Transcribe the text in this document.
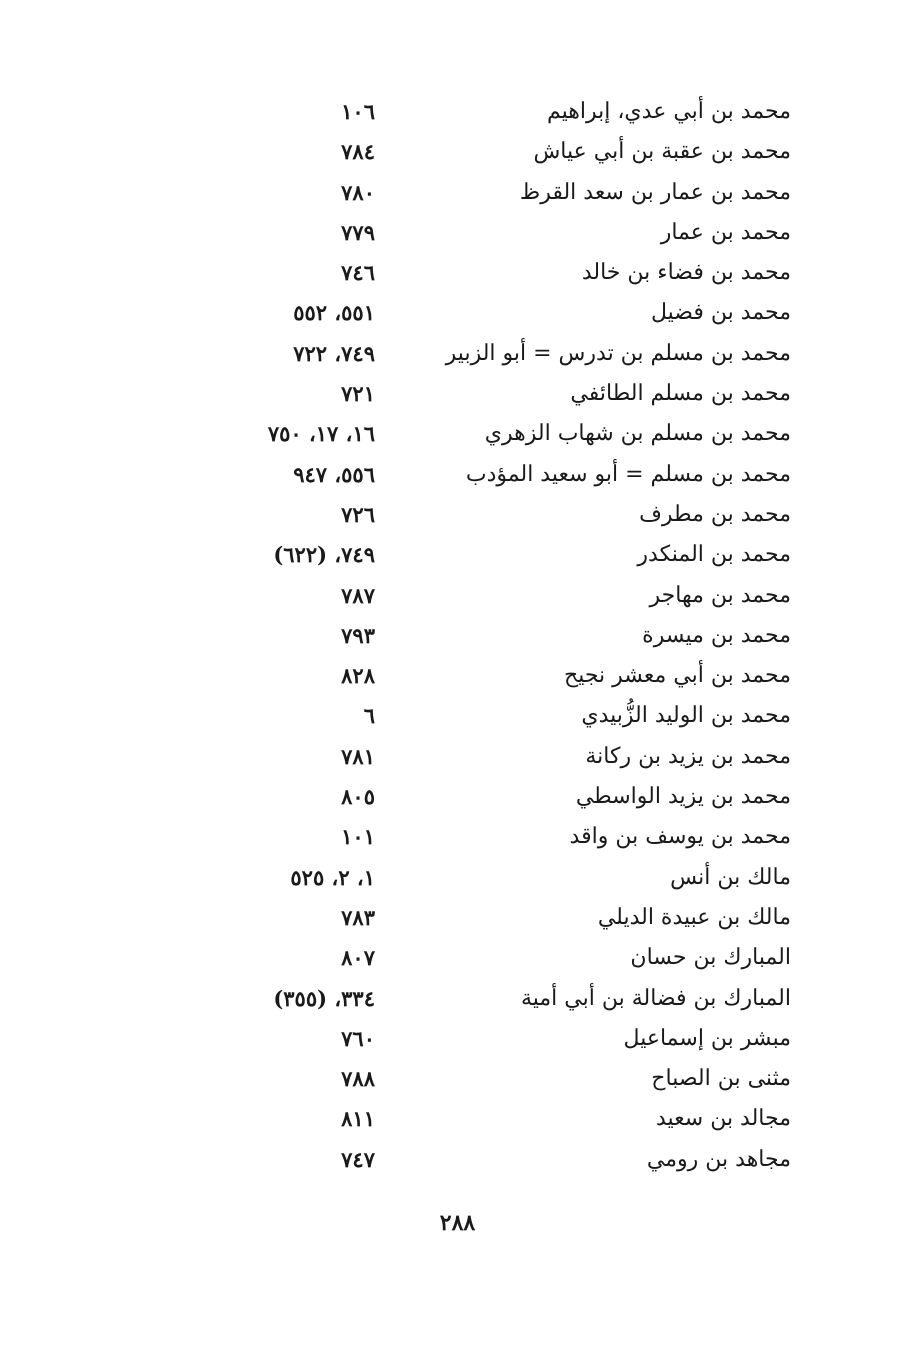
محمد بن أبي عدي، إبراهيم
١٠٦
محمد بن عقبة بن أبي عياش
٧٨٤
محمد بن عمار بن سعد القرظ
٧٨٠
محمد بن عمار
٧٧٩
محمد بن فضاء بن خالد
٧٤٦
محمد بن فضيل
٥٥١، ٥٥٢
محمد بن مسلم بن تدرس = أبو الزبير
٧٤٩، ٧٢٢
محمد بن مسلم الطائفي
٧٢١
محمد بن مسلم بن شهاب الزهري
١٦، ١٧، ٧٥٠
محمد بن مسلم = أبو سعيد المؤدب
٥٥٦، ٩٤٧
محمد بن مطرف
٧٢٦
محمد بن المنكدر
٧٤٩، (٦٢٢)
محمد بن مهاجر
٧٨٧
محمد بن ميسرة
٧٩٣
محمد بن أبي معشر نجيح
٨٢٨
محمد بن الوليد الزُّبيدي
٦
محمد بن يزيد بن ركانة
٧٨١
محمد بن يزيد الواسطي
٨٠٥
محمد بن يوسف بن واقد
١٠١
مالك بن أنس
١، ٢، ٥٢٥
مالك بن عبيدة الديلي
٧٨٣
المبارك بن حسان
٨٠٧
المبارك بن فضالة بن أبي أمية
٣٣٤، (٣٥٥)
مبشر بن إسماعيل
٧٦٠
مثنى بن الصباح
٧٨٨
مجالد بن سعيد
٨١١
مجاهد بن رومي
٧٤٧
٢٨٨
